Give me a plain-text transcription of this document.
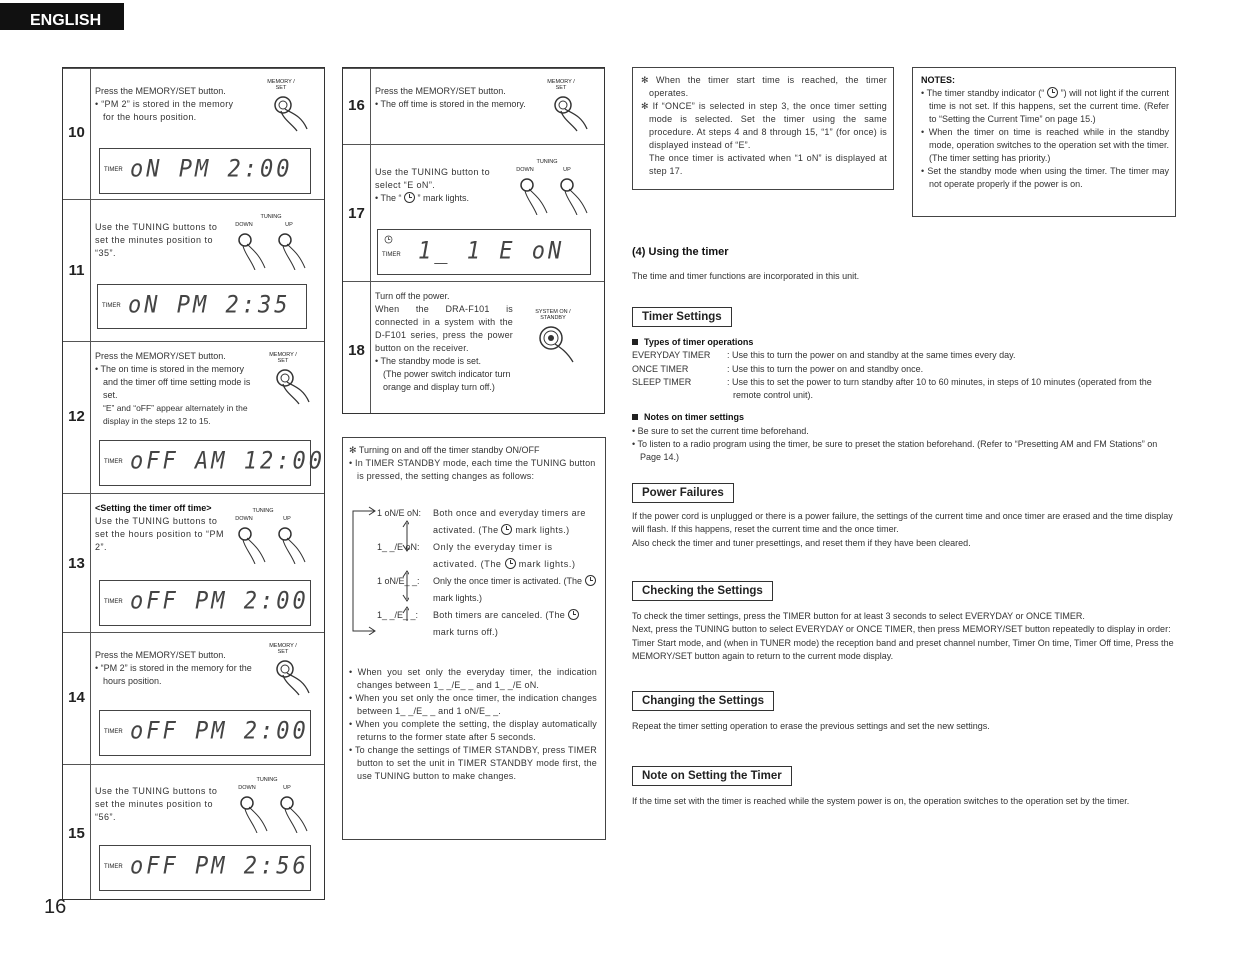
ENGLISH
16
10
Press the MEMORY/SET button.
• “PM 2” is stored in the memory for the hours position.
MEMORY / SET
TIMER oN PM 2:00
11
Use the TUNING buttons to set the minutes position to “35”.
TUNING
DOWN	UP
TIMER oN PM 2:35
12
Press the MEMORY/SET button.
• The on time is stored in the memory and the timer off time setting mode is set.
“E” and “oFF” appear alternately in the display in the steps 12 to 15.
MEMORY / SET
TIMER oFF AM 12:00
13
<Setting the timer off time>
Use the TUNING buttons to set the hours position to “PM 2”.
TUNING
DOWN	UP
TIMER oFF PM 2:00
14
Press the MEMORY/SET button.
• “PM 2” is stored in the memory for the hours position.
MEMORY / SET
TIMER oFF PM 2:00
15
Use the TUNING buttons to set the minutes position to “56”.
TUNING
DOWN	UP
TIMER oFF PM 2:56
16
Press the MEMORY/SET button.
• The off time is stored in the memory.
MEMORY / SET
17
Use the TUNING button to select “E oN”.
• The “  ” mark lights.
TUNING
DOWN	UP
TIMER 1_ 1 E oN
18
Turn off the power.
When the DRA-F101 is connected in a system with the D-F101 series, press the power button on the receiver.
• The standby mode is set.
(The power switch indicator turn orange and display turn off.)
SYSTEM ON / STANDBY
✻ Turning on and off the timer standby ON/OFF
• In TIMER STANDBY mode, each time the TUNING button is pressed, the setting changes as follows:
1 oN/E oN:	Both once and everyday timers are activated. (The  mark lights.)
1_ _/E oN:	Only the everyday timer is activated. (The  mark lights.)
1 oN/E_ _:	Only the once timer is activated. (The  mark lights.)
1_ _/E_ _:	Both timers are canceled. (The  mark turns off.)
• When you set only the everyday timer, the indication changes between 1_ _/E_ _ and 1_ _/E oN.
• When you set only the once timer, the indication changes between 1_ _/E_ _ and 1 oN/E_ _.
• When you complete the setting, the display automatically returns to the former state after 5 seconds.
• To change the settings of TIMER STANDBY, press TIMER button to set the unit in TIMER STANDBY mode first, the use TUNING button to make changes.
✻ When the timer start time is reached, the timer operates.
✻ If “ONCE” is selected in step 3, the once timer setting mode is selected. Set the timer using the same procedure. At steps 4 and 8 through 15, “1” (for once) is displayed instead of “E”.
The once timer is activated when “1 oN” is displayed at step 17.
NOTES:
• The timer standby indicator (“  ”) will not light if the current time is not set. If this happens, set the current time. (Refer to “Setting the Current Time” on page 15.)
• When the timer on time is reached while in the standby mode, operation switches to the operation set with the timer. (The timer setting has priority.)
• Set the standby mode when using the timer. The timer may not operate properly if the power is on.
(4) Using the timer
The time and timer functions are incorporated in this unit.
Timer Settings
Types of timer operations
EVERYDAY TIMER	: Use this to turn the power on and standby at the same times every day.
ONCE TIMER	: Use this to turn the power on and standby once.
SLEEP TIMER	: Use this to set the power to turn standby after 10 to 60 minutes, in steps of 10 minutes (operated from the remote control unit).
Notes on timer settings
• Be sure to set the current time beforehand.
• To listen to a radio program using the timer, be sure to preset the station beforehand. (Refer to “Presetting AM and FM Stations” on Page 14.)
Power Failures
If the power cord is unplugged or there is a power failure, the settings of the current time and once timer are erased and the time display will flash. If this happens, reset the current time and the once timer.
Also check the timer and tuner presettings, and reset them if they have been cleared.
Checking the Settings
To check the timer settings, press the TIMER button for at least 3 seconds to select EVERYDAY or ONCE TIMER.
Next, press the TUNING button to select EVERYDAY or ONCE TIMER, then press MEMORY/SET button repeatedly to display in order: Timer Start mode, and (when in TUNER mode) the reception band and preset channel number, Timer On time, Timer Off time, Press the MEMORY/SET button again to return to the current mode display.
Changing the Settings
Repeat the timer setting operation to erase the previous settings and set the new settings.
Note on Setting the Timer
If the time set with the timer is reached while the system power is on, the operation switches to the operation set by the timer.
